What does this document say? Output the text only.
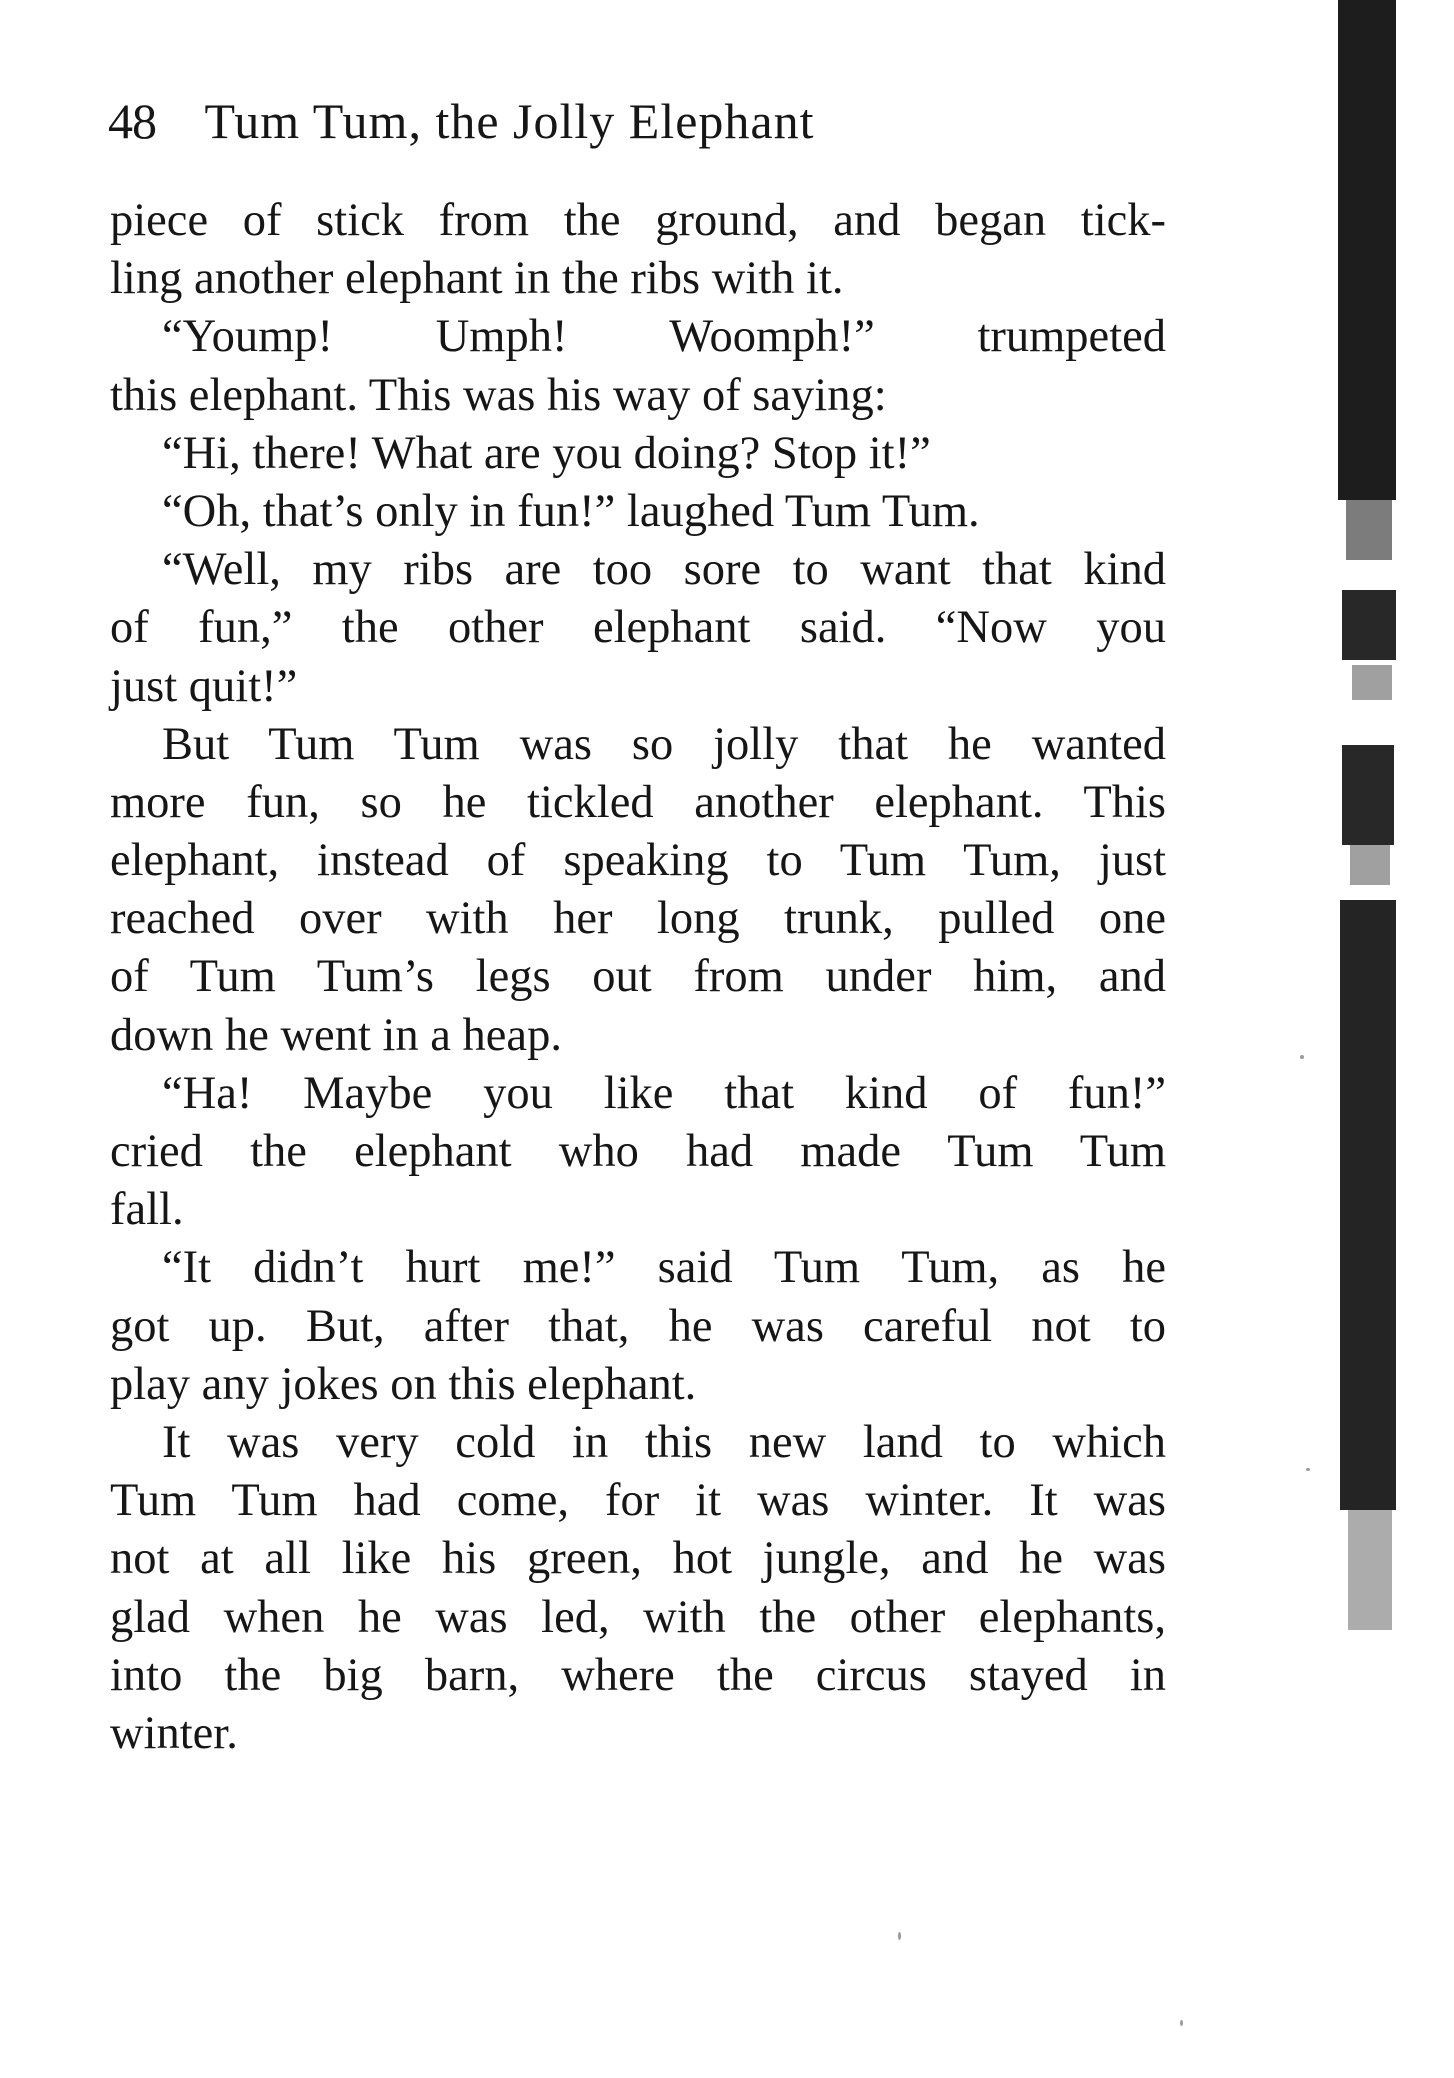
48 Tum Tum, the Jolly Elephant
piece of stick from the ground, and began tick-
ling another elephant in the ribs with it.
“Yoump! Umph! Woomph!” trumpeted
this elephant. This was his way of saying:
“Hi, there! What are you doing? Stop it!”
“Oh, that’s only in fun!” laughed Tum Tum.
“Well, my ribs are too sore to want that kind
of fun,” the other elephant said. “Now you
just quit!”
But Tum Tum was so jolly that he wanted
more fun, so he tickled another elephant. This
elephant, instead of speaking to Tum Tum, just
reached over with her long trunk, pulled one
of Tum Tum’s legs out from under him, and
down he went in a heap.
“Ha! Maybe you like that kind of fun!”
cried the elephant who had made Tum Tum
fall.
“It didn’t hurt me!” said Tum Tum, as he
got up. But, after that, he was careful not to
play any jokes on this elephant.
It was very cold in this new land to which
Tum Tum had come, for it was winter. It was
not at all like his green, hot jungle, and he was
glad when he was led, with the other elephants,
into the big barn, where the circus stayed in
winter.
